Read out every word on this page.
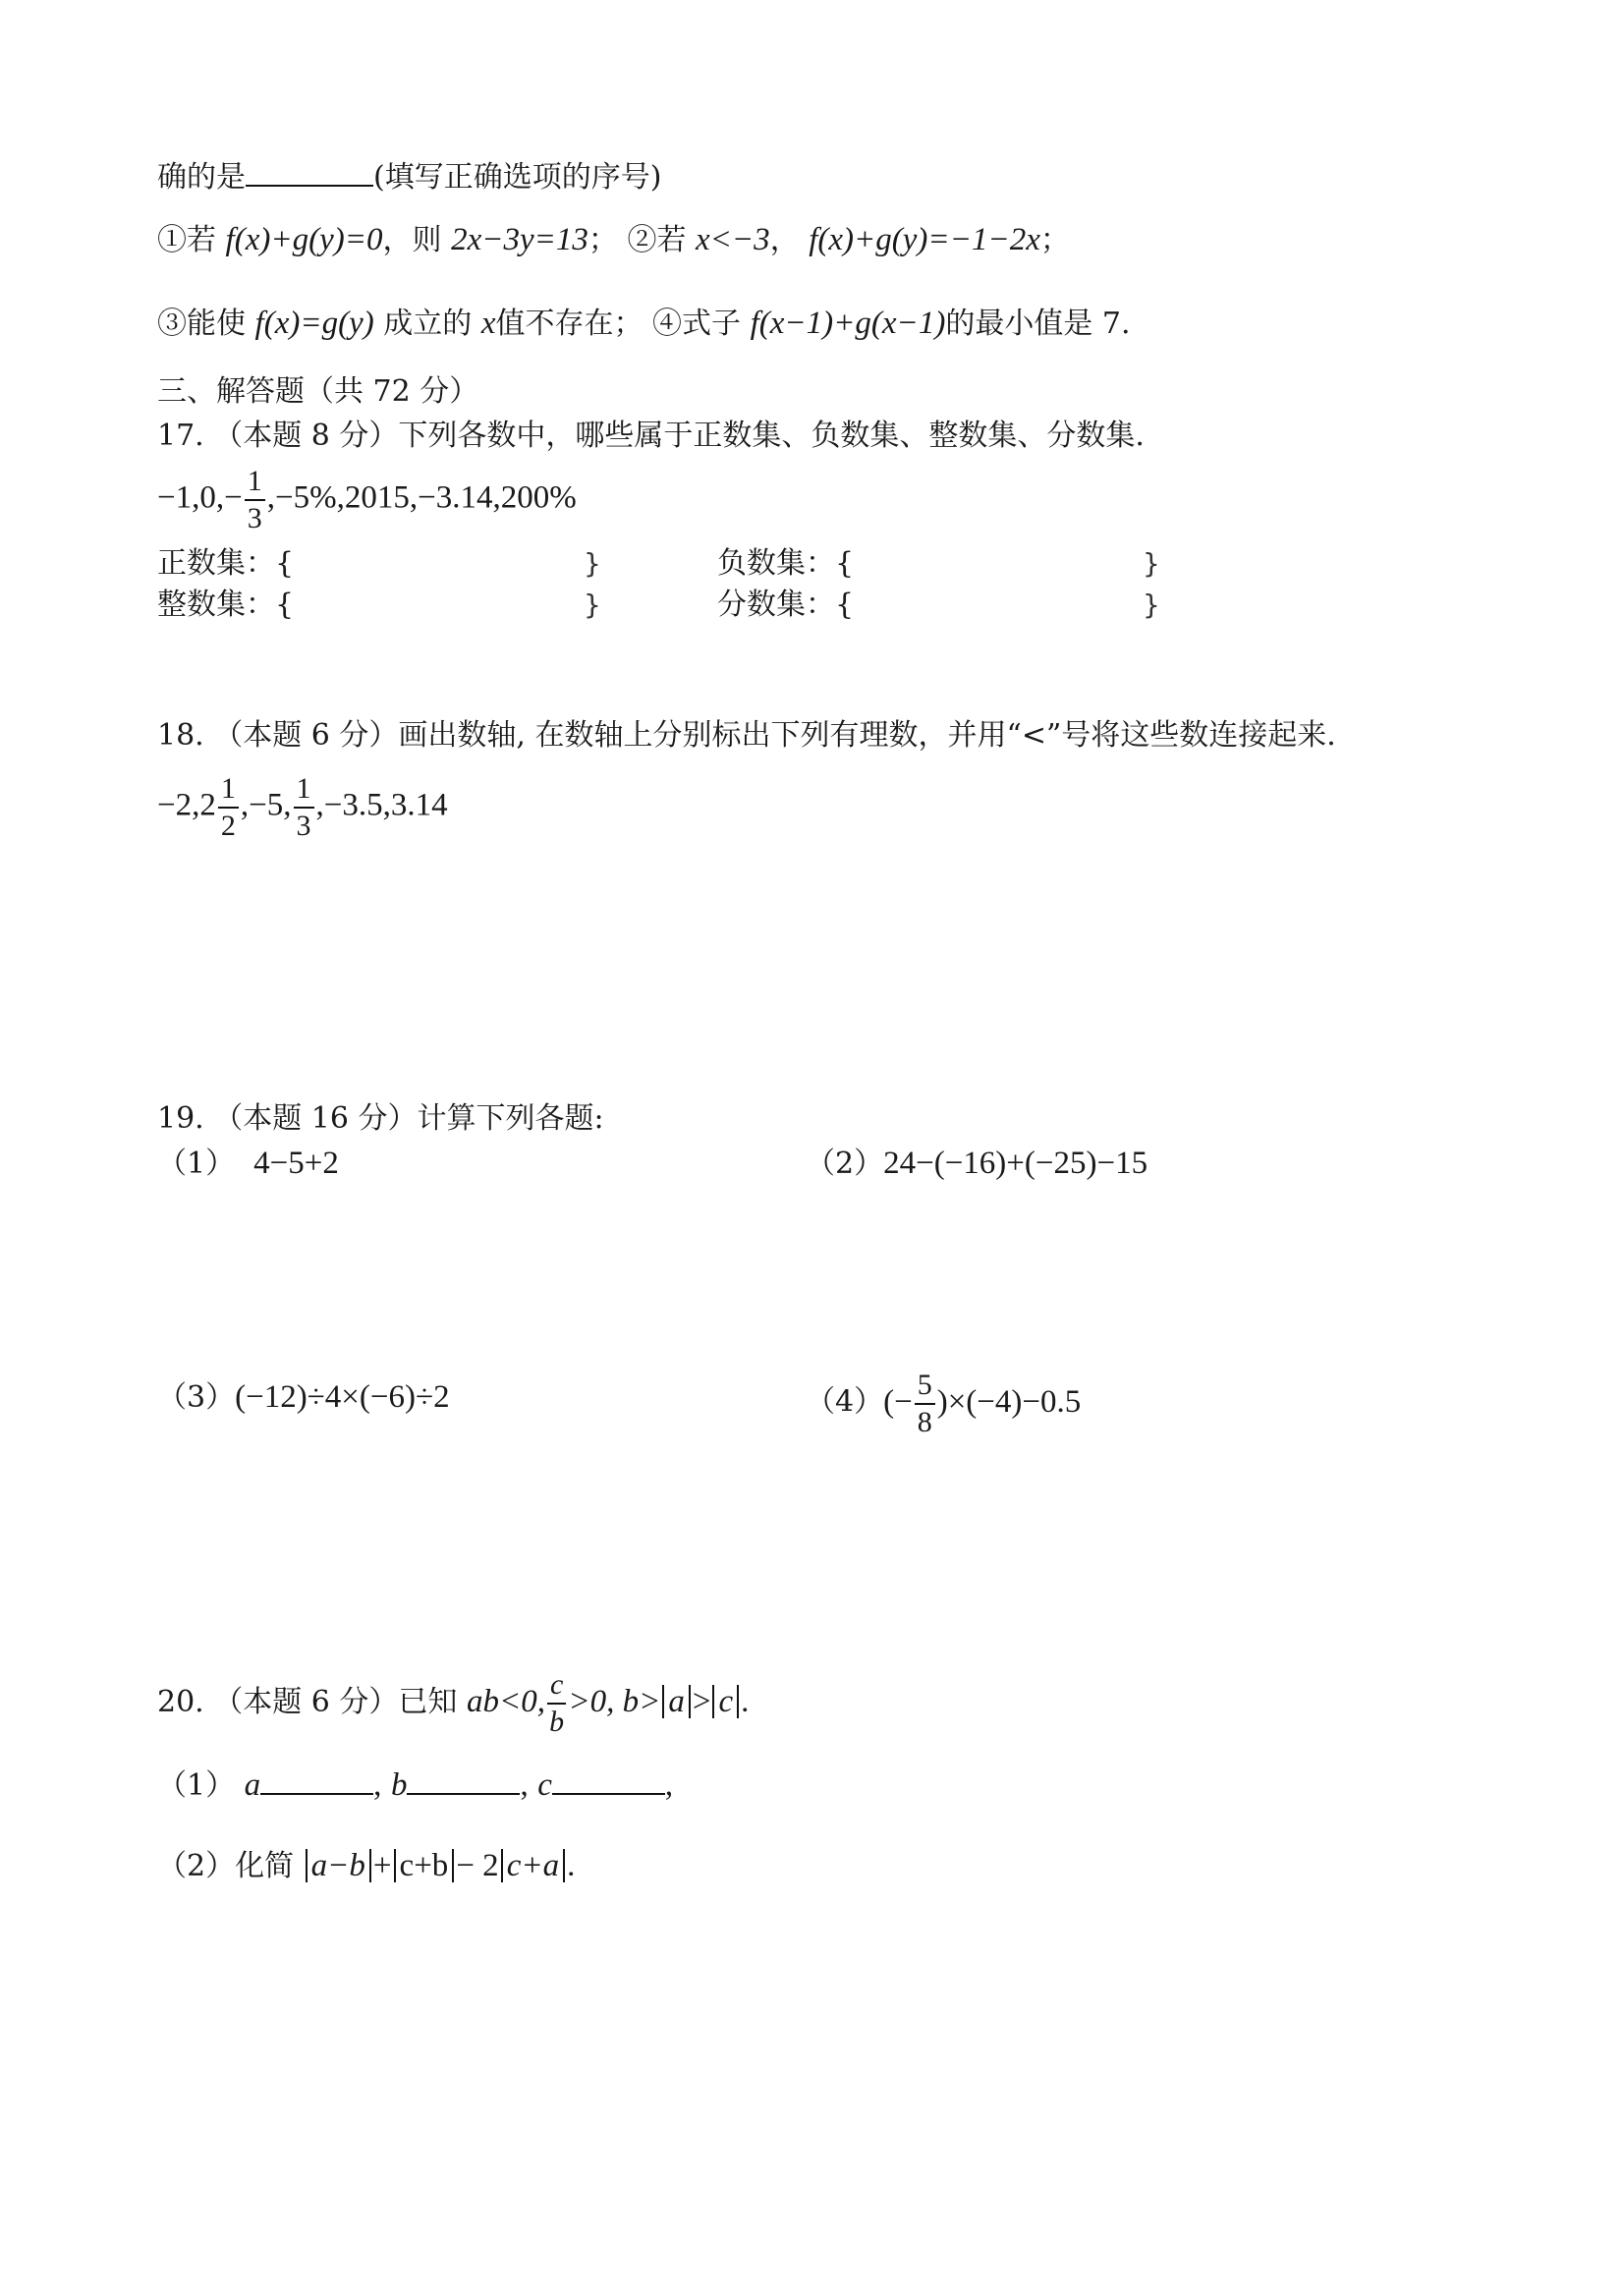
确的是	(填写正确选项的序号)
①若 f(x)+g(y)=0，则 2x−3y=13； ②若 x<−3， f(x)+g(y)=−1−2x；
③能使 f(x)=g(y) 成立的 x值不存在； ④式子 f(x−1)+g(x−1)的最小值是 7.
三、解答题（共 72 分）
17. （本题 8 分）下列各数中，哪些属于正数集、负数集、整数集、分数集.
$-1,0,- \frac{1}{3} ,-5\%,2015,-3.14,200\%$
正数集：{	}	负数集：{	}
整数集：{	}	分数集：{	}
18. （本题 6 分）画出数轴, 在数轴上分别标出下列有理数，并用“<”号将这些数连接起来.
$-2,2 \frac{1}{2} ,-5$, $\frac{1}{3} ,-3.5,3.14$
19. （本题 16 分）计算下列各题:
（1） 4−5+2	（2）24−(−16)+(−25)−15
（3）(−12)÷4×(−6)÷2	$(4)(- \frac{5}{8} )\times(-4)-0.5$
20. （本题 6 分）已知 ab<0, $\frac{c}{b} >0$, b> a > c .
（1） a	, b	, c	,
（2）化简 a−b + c+b − 2 c+a .
